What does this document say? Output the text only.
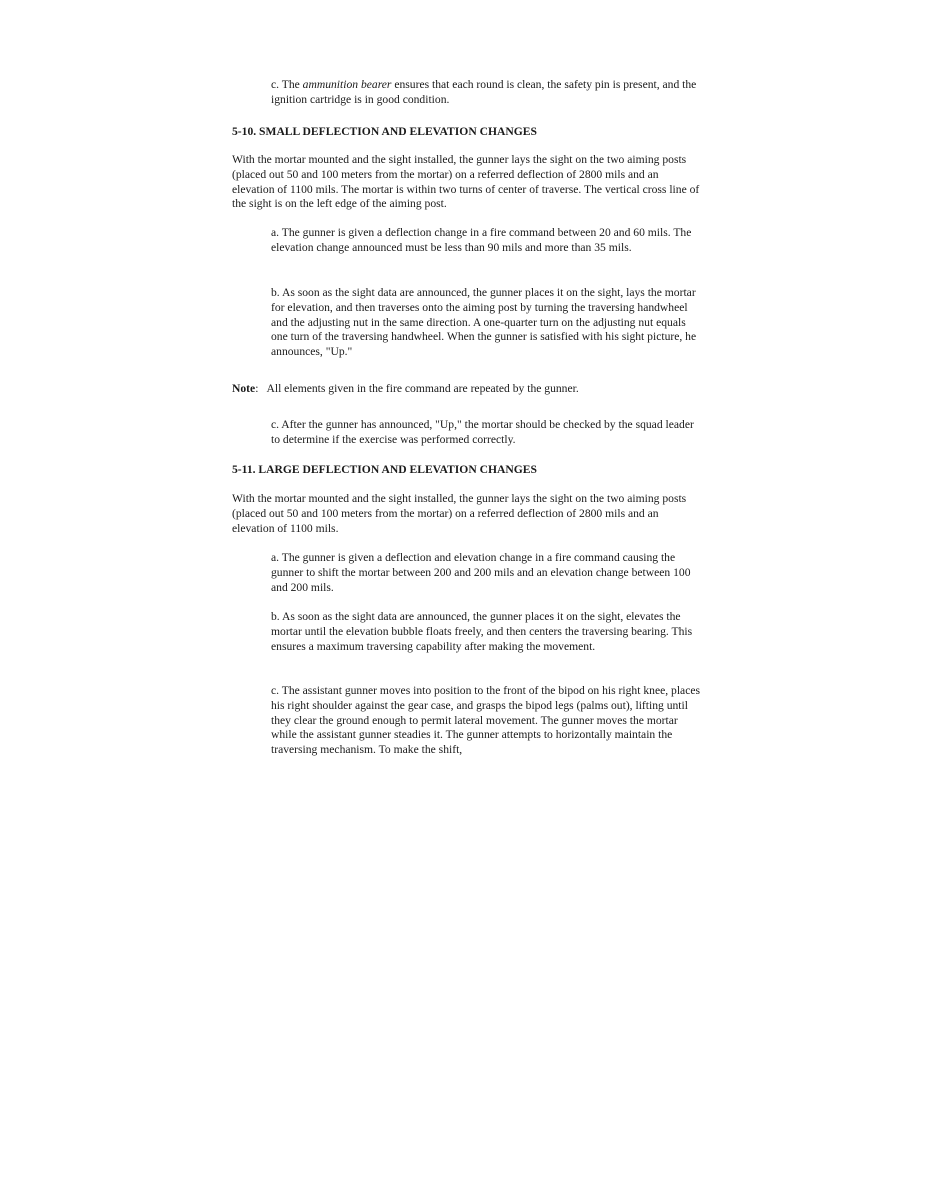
c. The ammunition bearer ensures that each round is clean, the safety pin is present, and the ignition cartridge is in good condition.

5-10. SMALL DEFLECTION AND ELEVATION CHANGES

With the mortar mounted and the sight installed, the gunner lays the sight on the two aiming posts (placed out 50 and 100 meters from the mortar) on a referred deflection of 2800 mils and an elevation of 1100 mils. The mortar is within two turns of center of traverse. The vertical cross line of the sight is on the left edge of the aiming post.

a. The gunner is given a deflection change in a fire command between 20 and 60 mils. The elevation change announced must be less than 90 mils and more than 35 mils.

b. As soon as the sight data are announced, the gunner places it on the sight, lays the mortar for elevation, and then traverses onto the aiming post by turning the traversing handwheel and the adjusting nut in the same direction. A one-quarter turn on the adjusting nut equals one turn of the traversing handwheel. When the gunner is satisfied with his sight picture, he announces, "Up."

Note:   All elements given in the fire command are repeated by the gunner.

c. After the gunner has announced, "Up," the mortar should be checked by the squad leader to determine if the exercise was performed correctly.

5-11. LARGE DEFLECTION AND ELEVATION CHANGES

With the mortar mounted and the sight installed, the gunner lays the sight on the two aiming posts (placed out 50 and 100 meters from the mortar) on a referred deflection of 2800 mils and an elevation of 1100 mils.

a. The gunner is given a deflection and elevation change in a fire command causing the gunner to shift the mortar between 200 and 200 mils and an elevation change between 100 and 200 mils.

b. As soon as the sight data are announced, the gunner places it on the sight, elevates the mortar until the elevation bubble floats freely, and then centers the traversing bearing. This ensures a maximum traversing capability after making the movement.

c. The assistant gunner moves into position to the front of the bipod on his right knee, places his right shoulder against the gear case, and grasps the bipod legs (palms out), lifting until they clear the ground enough to permit lateral movement. The gunner moves the mortar while the assistant gunner steadies it. The gunner attempts to horizontally maintain the traversing mechanism. To make the shift,
